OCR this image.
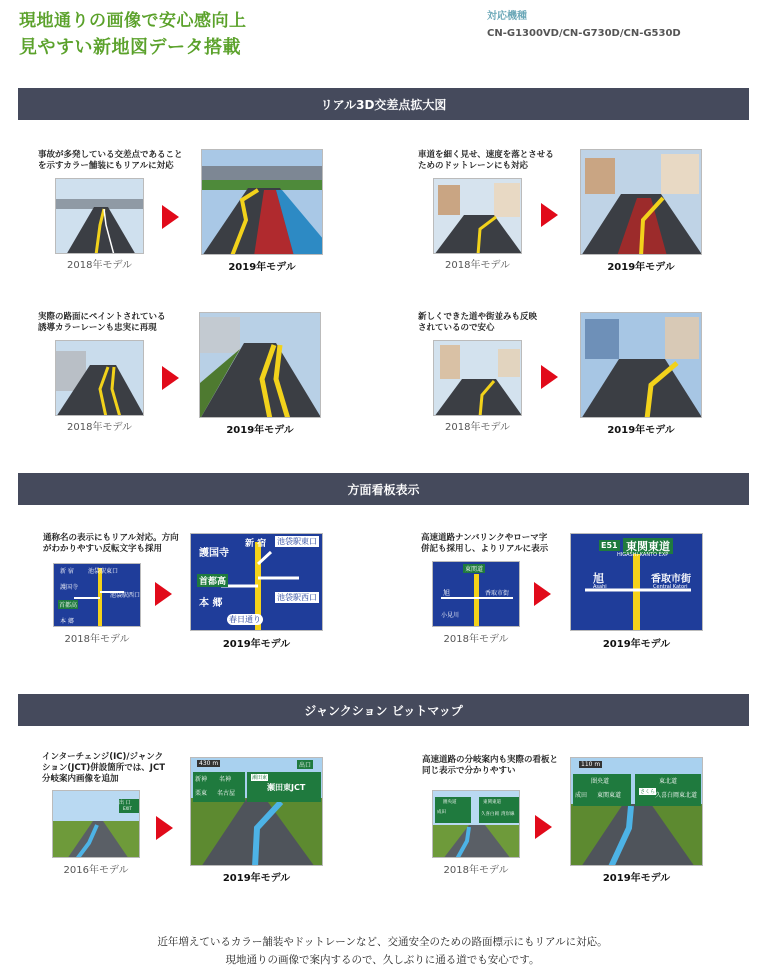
現地通りの画像で安心感向上
見やすい新地図データ搭載
対応機種
CN-G1300VD/CN-G730D/CN-G530D
リアル3D交差点拡大図
事故が多発している交差点であること
を示すカラー舗装にもリアルに対応
2018年モデル	2019年モデル
車道を細く見せ、速度を落とさせる
ためのドットレーンにも対応
2018年モデル	2019年モデル
実際の路面にペイントされている
誘導カラーレーンも忠実に再現
2018年モデル	2019年モデル
新しくできた道や街並みも反映
されているので安心
2018年モデル	2019年モデル
方面看板表示
通称名の表示にもリアル対応。方向
がわかりやすい反転文字も採用
新 宿 池袋駅東口
護国寺
首都高
池袋駅西口
本 郷
2018年モデル
新 宿 池袋駅東口
護国寺
首都高
本 郷
池袋駅西口
春日通り
2019年モデル
高速道路ナンバリンクやローマ字
併記も採用し、よりリアルに表示
東関道
旭	香取市街
小見川
2018年モデル
E51 東関東道
HIGASHI-KANTO EXP
旭
Asahi
香取市街
Central Katori
2019年モデル
ジャンクション ビットマップ
インターチェンジ(IC)/ジャンク
ション(JCT)併設箇所では、JCT
分岐案内画像を追加
出 口
EXIT
2016年モデル
430 m
新神 名神
栗東 名古屋
瀬田東
瀬田東JCT
出口
2019年モデル
高速道路の分岐案内も実際の看板と
同じ表示で分かりやすい
圏央道	東関東道
成田	久喜白岡 湾岸線
2018年モデル
110 m
圏央道
成田 東関東道	さくら
東北道
久喜白岡 東北道
2019年モデル
近年増えているカラー舗装やドットレーンなど、交通安全のための路面標示にもリアルに対応。
現地通りの画像で案内するので、久しぶりに通る道でも安心です。
